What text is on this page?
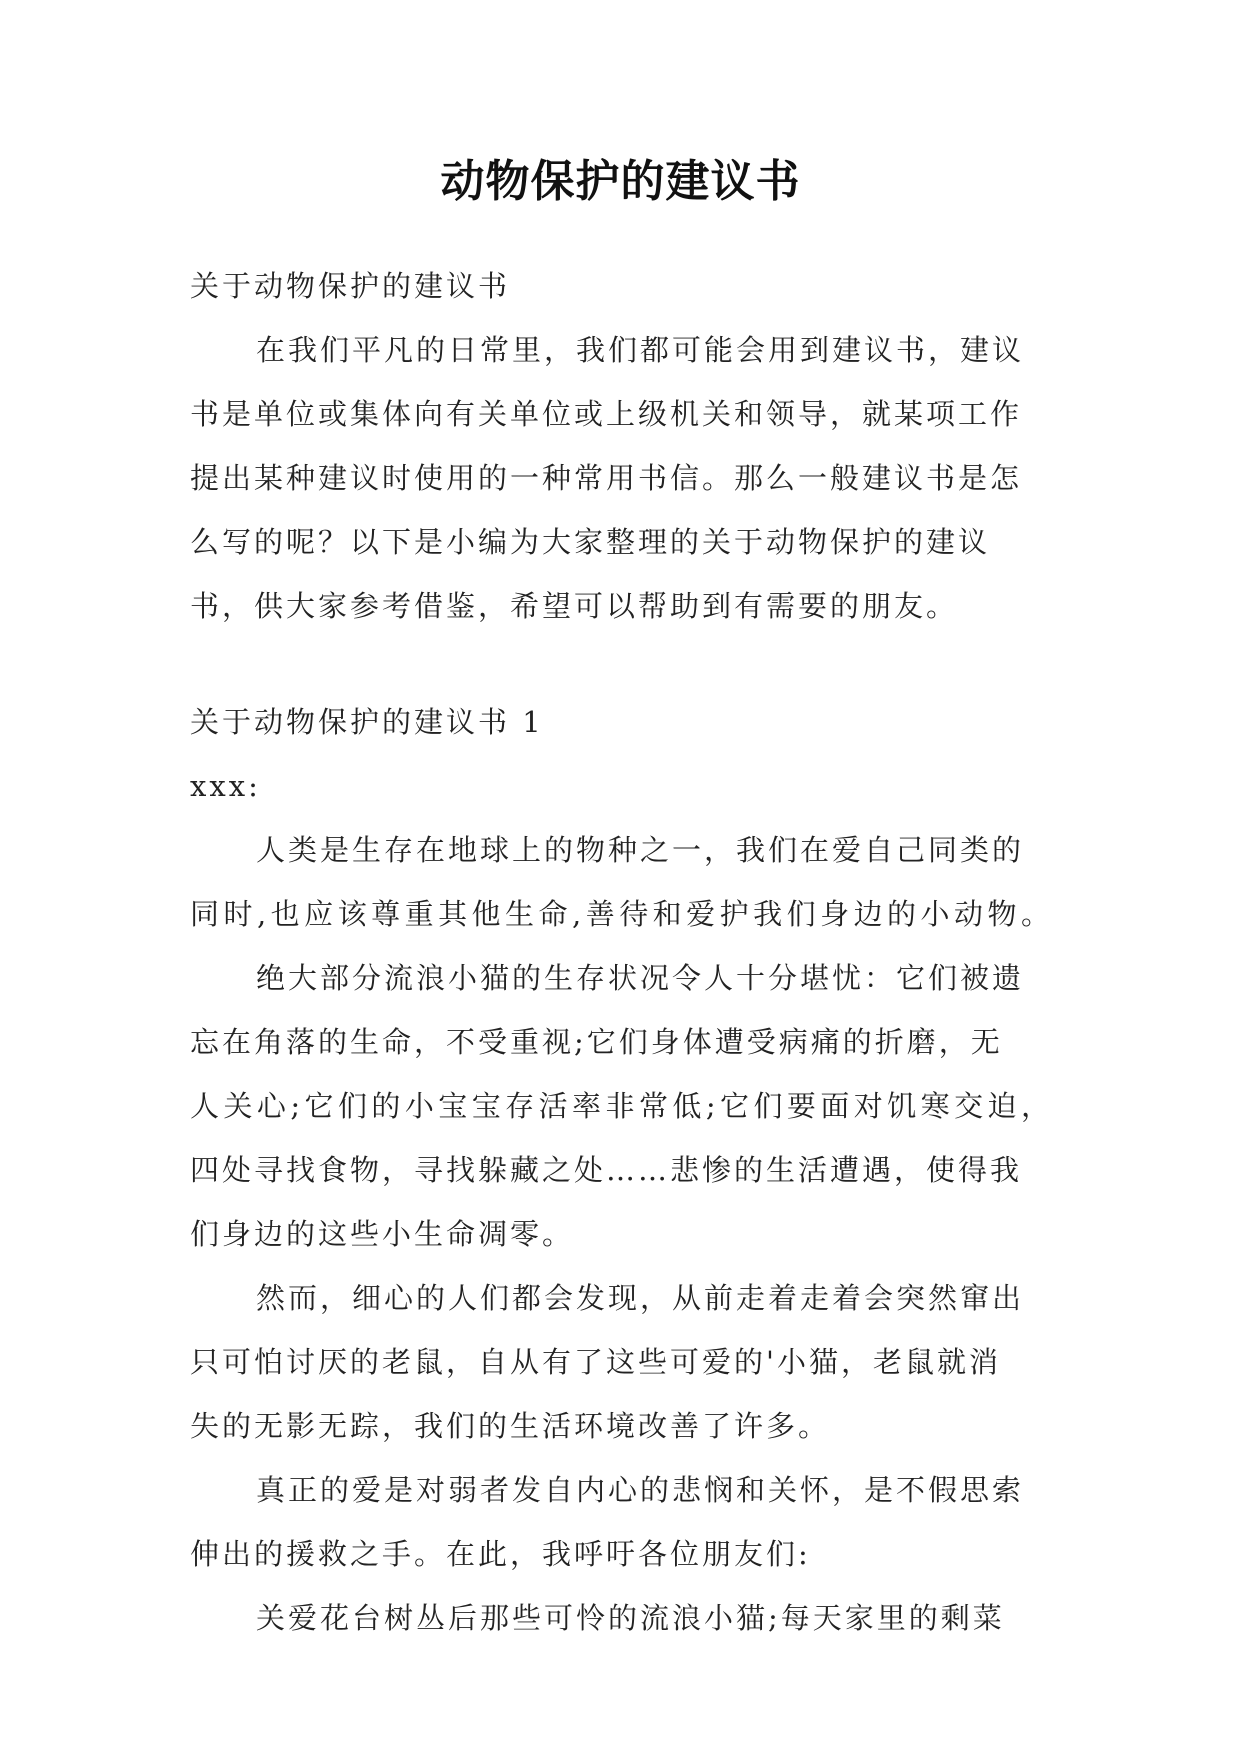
动物保护的建议书
关于动物保护的建议书
在我们平凡的日常里，我们都可能会用到建议书，建议
书是单位或集体向有关单位或上级机关和领导，就某项工作
提出某种建议时使用的一种常用书信。那么一般建议书是怎
么写的呢？以下是小编为大家整理的关于动物保护的建议
书，供大家参考借鉴，希望可以帮助到有需要的朋友。
关于动物保护的建议书 1
xxx:
人类是生存在地球上的物种之一，我们在爱自己同类的
同时,也应该尊重其他生命,善待和爱护我们身边的小动物。
绝大部分流浪小猫的生存状况令人十分堪忧：它们被遗
忘在角落的生命，不受重视;它们身体遭受病痛的折磨，无
人关心;它们的小宝宝存活率非常低;它们要面对饥寒交迫，
四处寻找食物，寻找躲藏之处……悲惨的生活遭遇，使得我
们身边的这些小生命凋零。
然而，细心的人们都会发现，从前走着走着会突然窜出
只可怕讨厌的老鼠，自从有了这些可爱的'小猫，老鼠就消
失的无影无踪，我们的生活环境改善了许多。
真正的爱是对弱者发自内心的悲悯和关怀，是不假思索
伸出的援救之手。在此，我呼吁各位朋友们:
关爱花台树丛后那些可怜的流浪小猫;每天家里的剩菜
